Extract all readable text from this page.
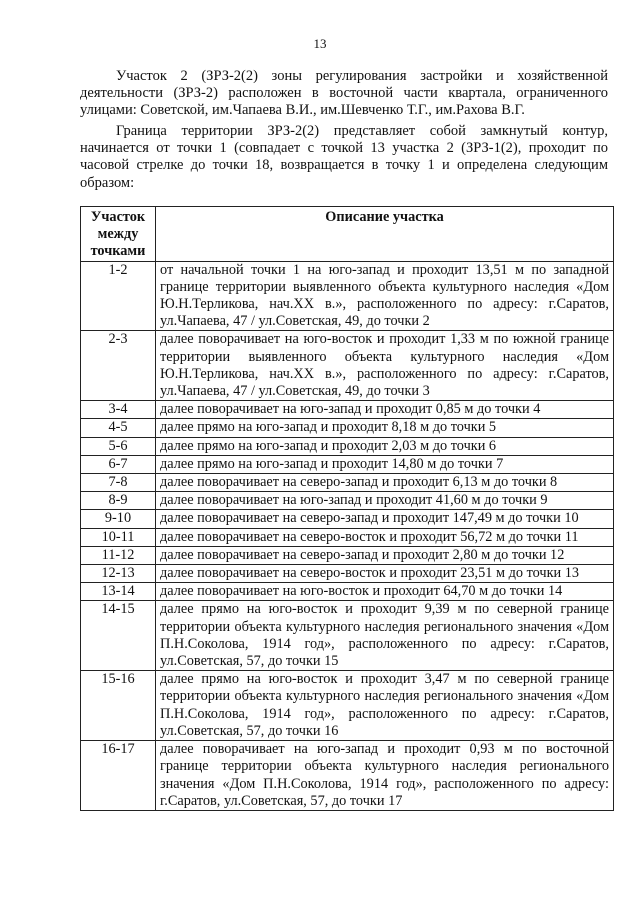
13

Участок 2 (ЗРЗ-2(2) зоны регулирования застройки и хозяйственной деятельности (ЗРЗ-2) расположен в восточной части квартала, ограниченного улицами: Советской, им.Чапаева В.И., им.Шевченко Т.Г., им.Рахова В.Г.

Граница территории ЗРЗ-2(2) представляет собой замкнутый контур, начинается от точки 1 (совпадает с точкой 13 участка 2 (ЗРЗ-1(2), проходит по часовой стрелке до точки 18, возвращается в точку 1 и определена следующим образом:

Участок между точками	Описание участка
1-2	от начальной точки 1 на юго-запад и проходит 13,51 м по западной границе территории выявленного объекта культурного наследия «Дом Ю.Н.Терликова, нач.XX в.», расположенного по адресу: г.Саратов, ул.Чапаева, 47 / ул.Советская, 49, до точки 2
2-3	далее поворачивает на юго-восток и проходит 1,33 м по южной границе территории выявленного объекта культурного наследия «Дом Ю.Н.Терликова, нач.XX в.», расположенного по адресу: г.Саратов, ул.Чапаева, 47 / ул.Советская, 49, до точки 3
3-4	далее поворачивает на юго-запад и проходит 0,85 м до точки 4
4-5	далее прямо на юго-запад и проходит 8,18 м до точки 5
5-6	далее прямо на юго-запад и проходит 2,03 м до точки 6
6-7	далее прямо на юго-запад и проходит 14,80 м до точки 7
7-8	далее поворачивает на северо-запад и проходит 6,13 м до точки 8
8-9	далее поворачивает на юго-запад и проходит 41,60 м до точки 9
9-10	далее поворачивает на северо-запад и проходит 147,49 м до точки 10
10-11	далее поворачивает на северо-восток и проходит 56,72 м до точки 11
11-12	далее поворачивает на северо-запад и проходит 2,80 м до точки 12
12-13	далее поворачивает на северо-восток и проходит 23,51 м до точки 13
13-14	далее поворачивает на юго-восток и проходит 64,70 м до точки 14
14-15	далее прямо на юго-восток и проходит 9,39 м по северной границе территории объекта культурного наследия регионального значения «Дом П.Н.Соколова, 1914 год», расположенного по адресу: г.Саратов, ул.Советская, 57, до точки 15
15-16	далее прямо на юго-восток и проходит 3,47 м по северной границе территории объекта культурного наследия регионального значения «Дом П.Н.Соколова, 1914 год», расположенного по адресу: г.Саратов, ул.Советская, 57, до точки 16
16-17	далее поворачивает на юго-запад и проходит 0,93 м по восточной границе территории объекта культурного наследия регионального значения «Дом П.Н.Соколова, 1914 год», расположенного по адресу: г.Саратов, ул.Советская, 57, до точки 17
